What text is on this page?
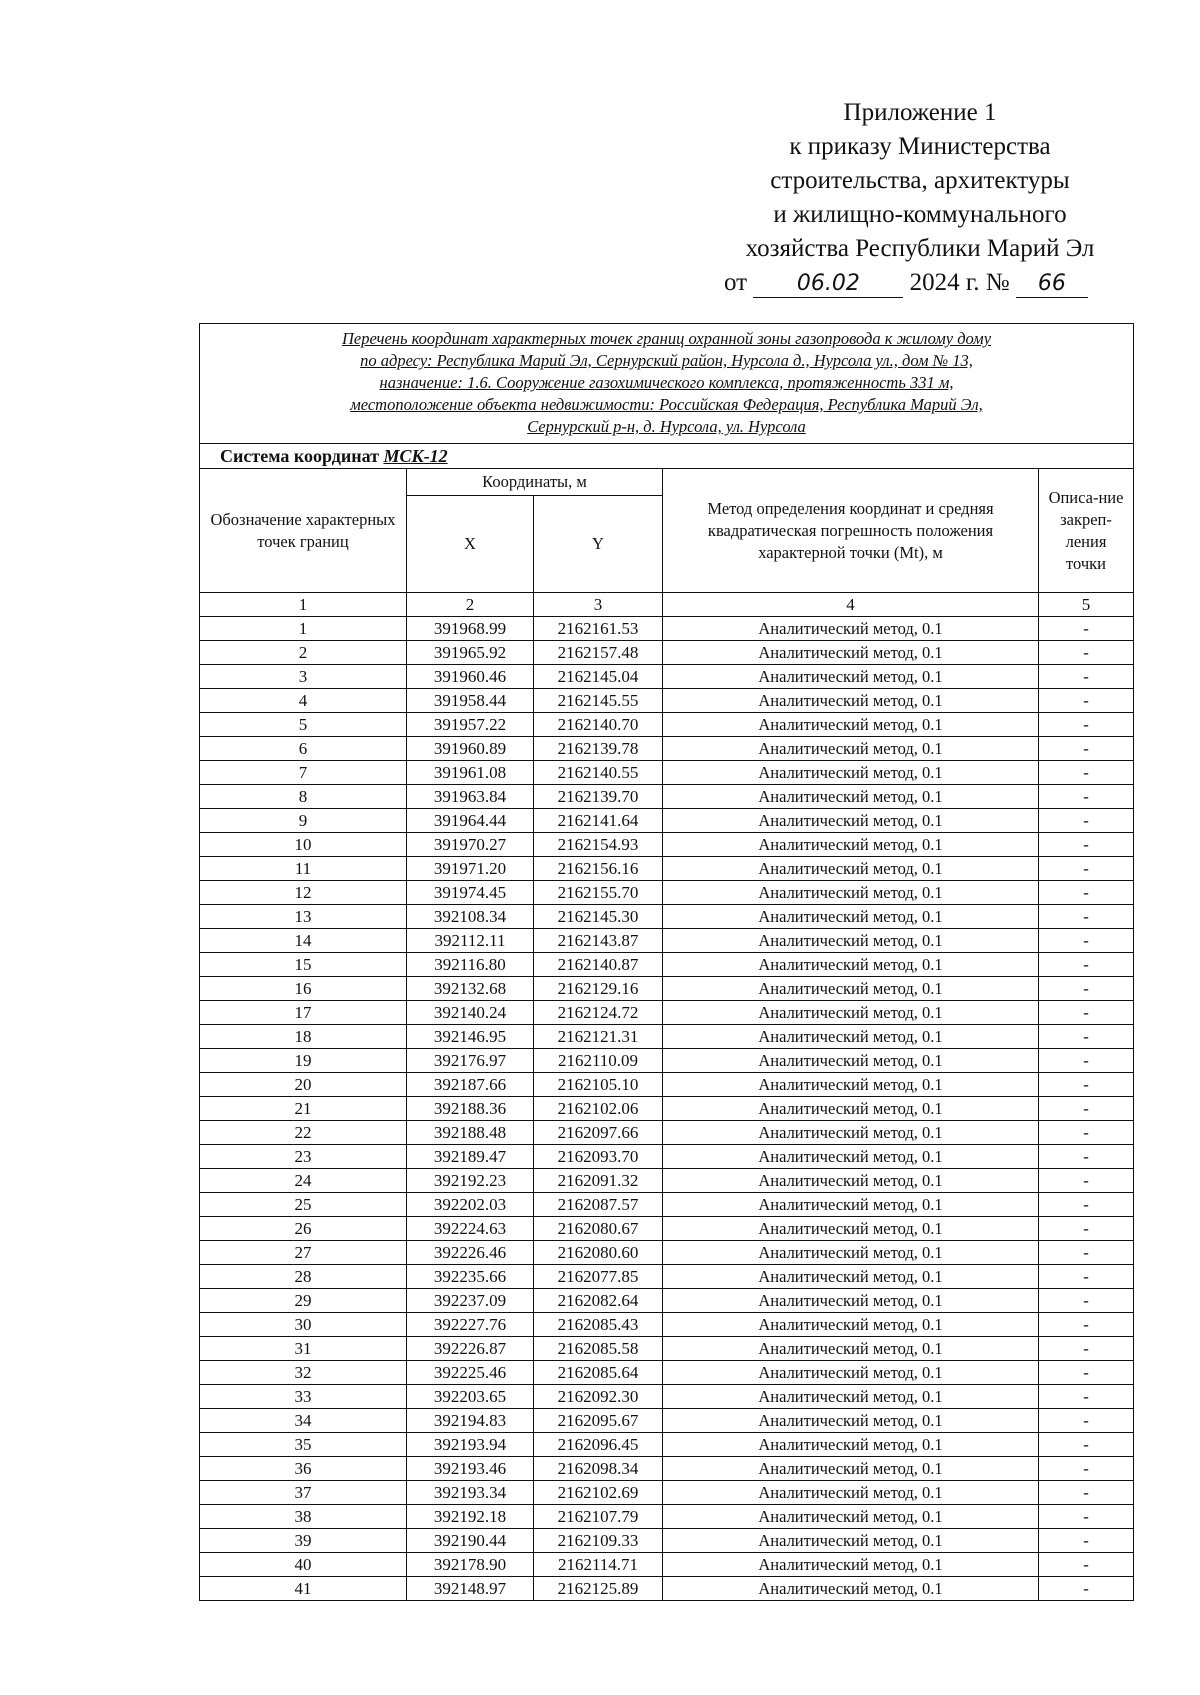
Приложение 1
к приказу Министерства
строительства, архитектуры
и жилищно-коммунального
хозяйства Республики Марий Эл
от 06.02 2024 г. № 66
Перечень координат характерных точек границ охранной зоны газопровода к жилому дому
по адресу: Республика Марий Эл, Сернурский район, Нурсола д., Нурсола ул., дом № 13,
назначение: 1.6. Сооружение газохимического комплекса, протяженность 331 м,
местоположение объекта недвижимости: Российская Федерация, Республика Марий Эл,
Сернурский р-н, д. Нурсола, ул. Нурсола				

Система координат МСК-12				
Обозначение характерных точек границ	Координаты, м		Метод определения координат и средняя квадратическая погрешность положения характерной точки (Mt), м	Описа-ние закреп-ления точки
	X	Y		
1	2	3	4	5
1	391968.99	2162161.53	Аналитический метод, 0.1	-
2	391965.92	2162157.48	Аналитический метод, 0.1	-
3	391960.46	2162145.04	Аналитический метод, 0.1	-
4	391958.44	2162145.55	Аналитический метод, 0.1	-
5	391957.22	2162140.70	Аналитический метод, 0.1	-
6	391960.89	2162139.78	Аналитический метод, 0.1	-
7	391961.08	2162140.55	Аналитический метод, 0.1	-
8	391963.84	2162139.70	Аналитический метод, 0.1	-
9	391964.44	2162141.64	Аналитический метод, 0.1	-
10	391970.27	2162154.93	Аналитический метод, 0.1	-
11	391971.20	2162156.16	Аналитический метод, 0.1	-
12	391974.45	2162155.70	Аналитический метод, 0.1	-
13	392108.34	2162145.30	Аналитический метод, 0.1	-
14	392112.11	2162143.87	Аналитический метод, 0.1	-
15	392116.80	2162140.87	Аналитический метод, 0.1	-
16	392132.68	2162129.16	Аналитический метод, 0.1	-
17	392140.24	2162124.72	Аналитический метод, 0.1	-
18	392146.95	2162121.31	Аналитический метод, 0.1	-
19	392176.97	2162110.09	Аналитический метод, 0.1	-
20	392187.66	2162105.10	Аналитический метод, 0.1	-
21	392188.36	2162102.06	Аналитический метод, 0.1	-
22	392188.48	2162097.66	Аналитический метод, 0.1	-
23	392189.47	2162093.70	Аналитический метод, 0.1	-
24	392192.23	2162091.32	Аналитический метод, 0.1	-
25	392202.03	2162087.57	Аналитический метод, 0.1	-
26	392224.63	2162080.67	Аналитический метод, 0.1	-
27	392226.46	2162080.60	Аналитический метод, 0.1	-
28	392235.66	2162077.85	Аналитический метод, 0.1	-
29	392237.09	2162082.64	Аналитический метод, 0.1	-
30	392227.76	2162085.43	Аналитический метод, 0.1	-
31	392226.87	2162085.58	Аналитический метод, 0.1	-
32	392225.46	2162085.64	Аналитический метод, 0.1	-
33	392203.65	2162092.30	Аналитический метод, 0.1	-
34	392194.83	2162095.67	Аналитический метод, 0.1	-
35	392193.94	2162096.45	Аналитический метод, 0.1	-
36	392193.46	2162098.34	Аналитический метод, 0.1	-
37	392193.34	2162102.69	Аналитический метод, 0.1	-
38	392192.18	2162107.79	Аналитический метод, 0.1	-
39	392190.44	2162109.33	Аналитический метод, 0.1	-
40	392178.90	2162114.71	Аналитический метод, 0.1	-
41	392148.97	2162125.89	Аналитический метод, 0.1	-
